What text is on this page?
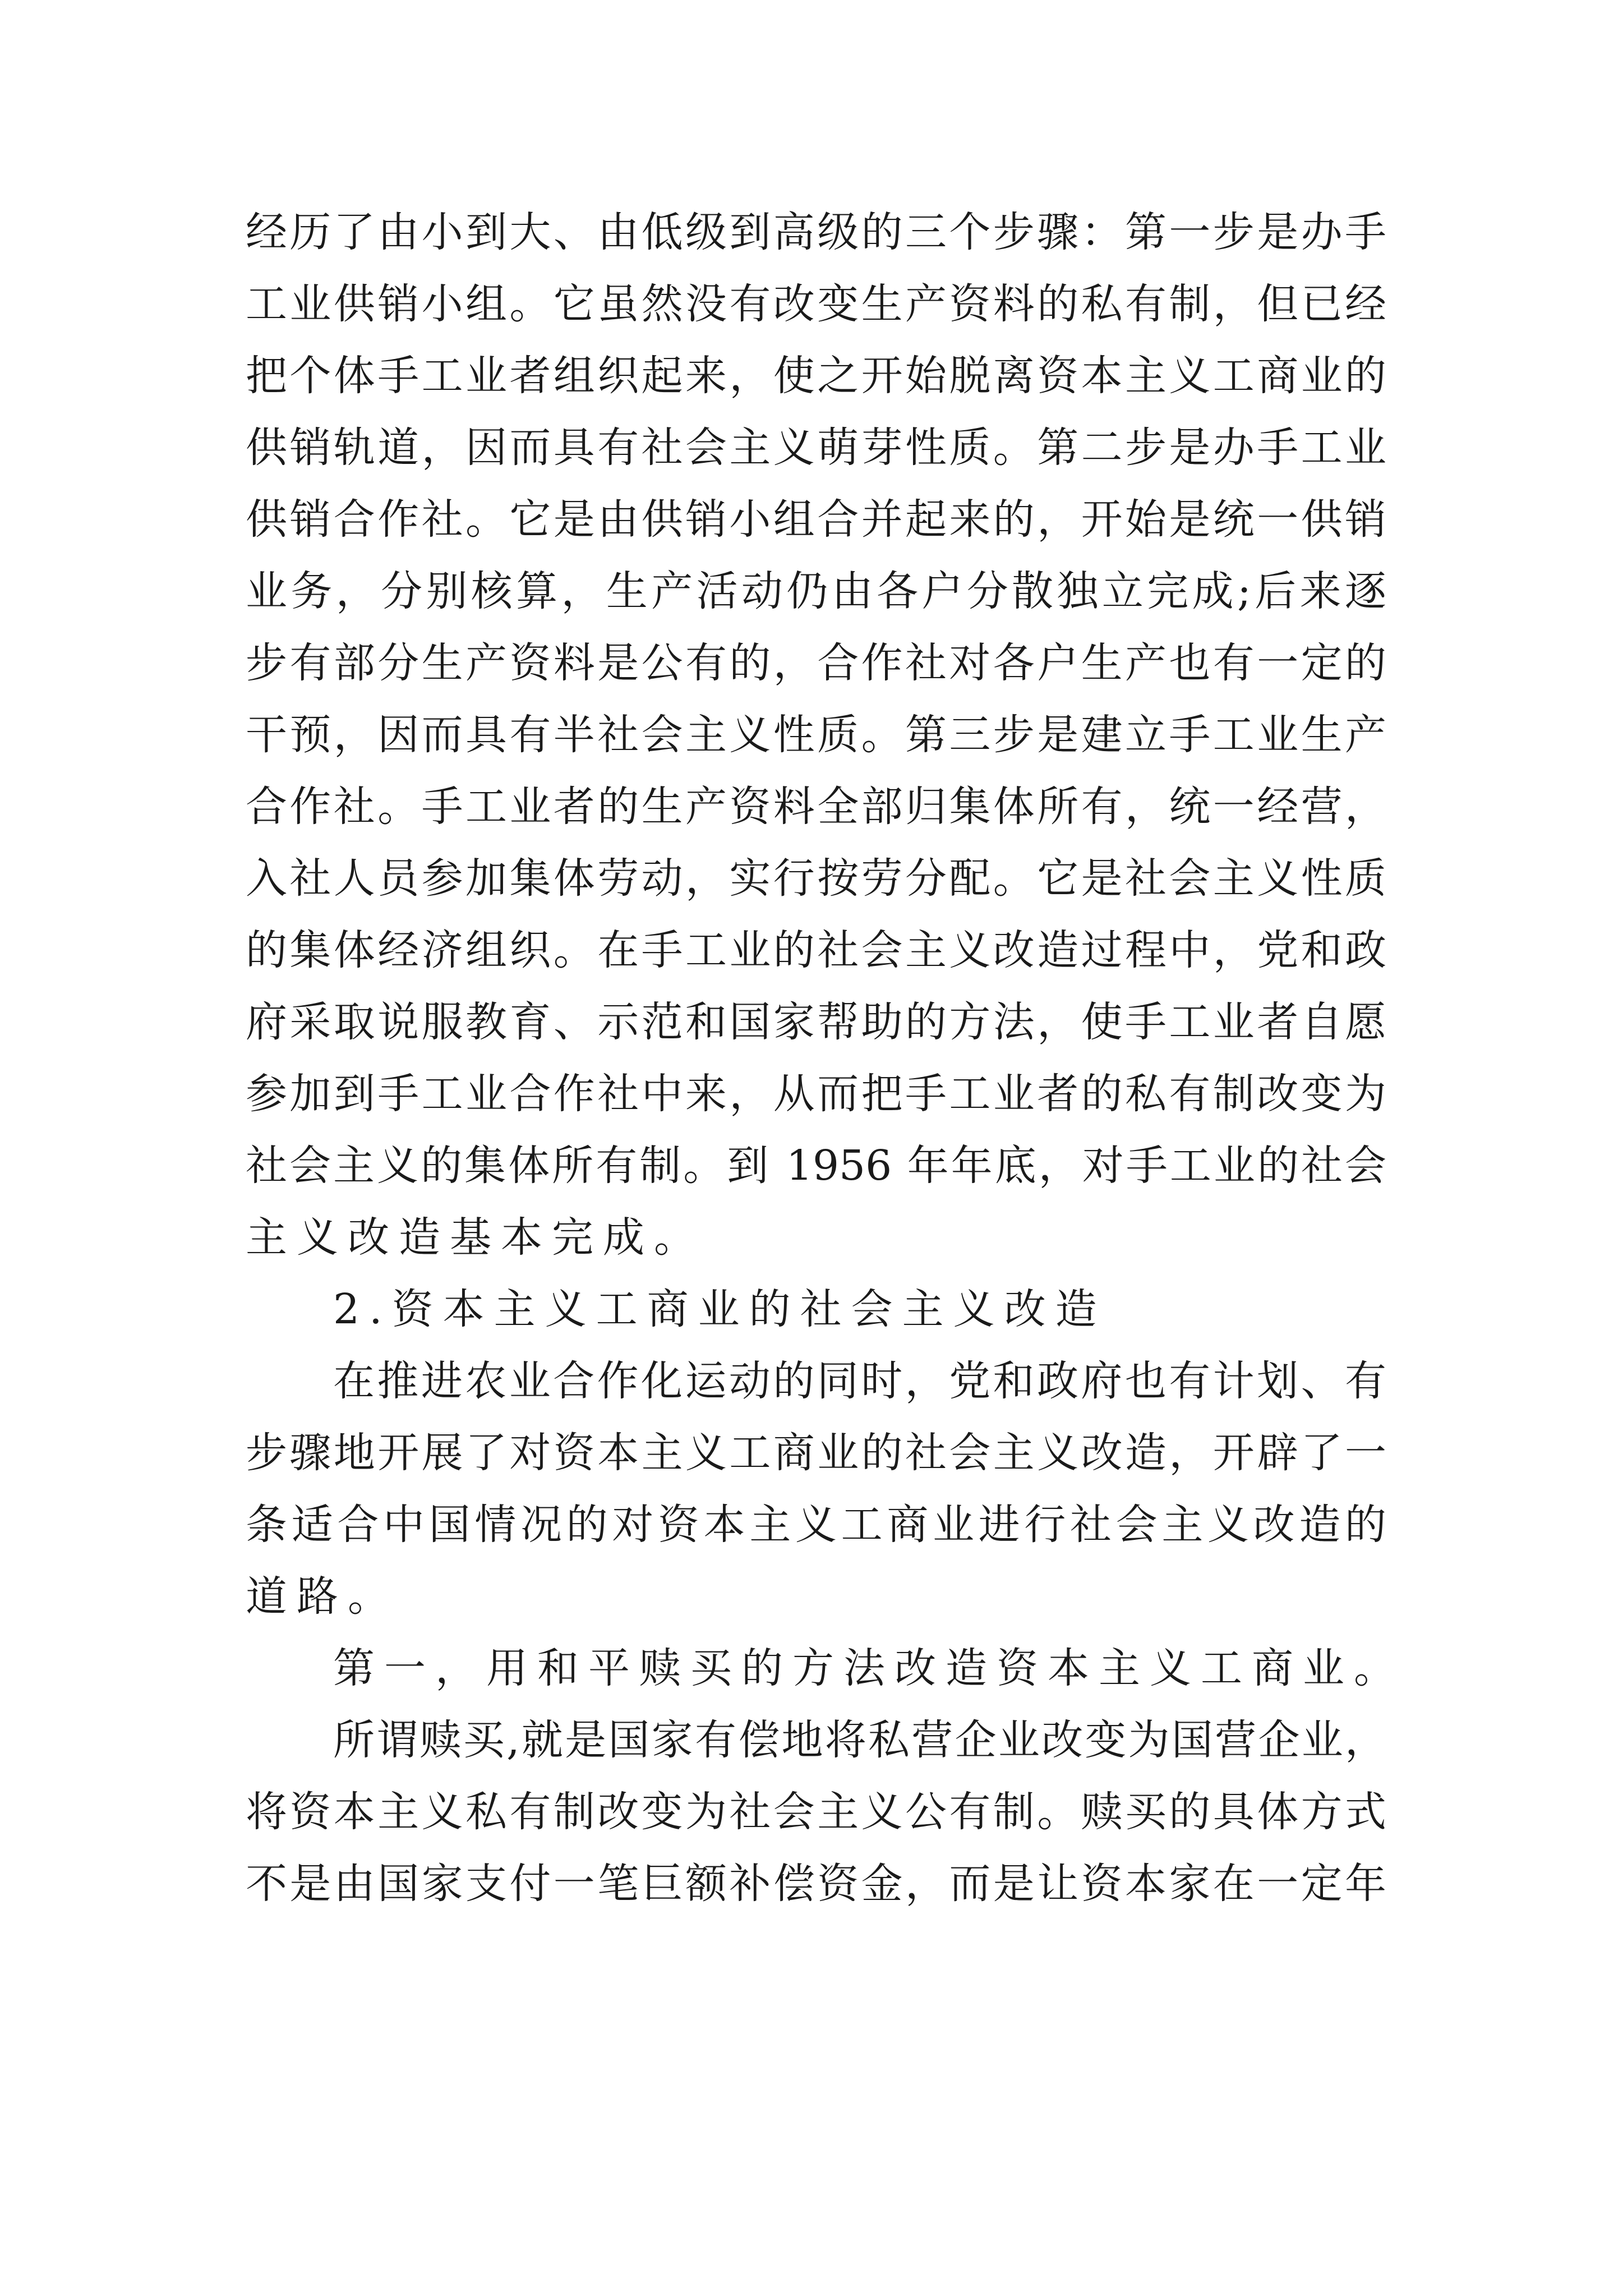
经历了由小到大、由低级到高级的三个步骤：第一步是办手

工业供销小组。它虽然没有改变生产资料的私有制，但已经

把个体手工业者组织起来，使之开始脱离资本主义工商业的

供销轨道，因而具有社会主义萌芽性质。第二步是办手工业

供销合作社。它是由供销小组合并起来的，开始是统一供销

业务，分别核算，生产活动仍由各户分散独立完成;后来逐

步有部分生产资料是公有的，合作社对各户生产也有一定的

干预，因而具有半社会主义性质。第三步是建立手工业生产

合作社。手工业者的生产资料全部归集体所有，统一经营，

入社人员参加集体劳动，实行按劳分配。它是社会主义性质

的集体经济组织。在手工业的社会主义改造过程中，党和政

府采取说服教育、示范和国家帮助的方法，使手工业者自愿

参加到手工业合作社中来，从而把手工业者的私有制改变为

社会主义的集体所有制。到 1956 年年底，对手工业的社会

主义改造基本完成。

2.资本主义工商业的社会主义改造

在推进农业合作化运动的同时，党和政府也有计划、有

步骤地开展了对资本主义工商业的社会主义改造，开辟了一

条适合中国情况的对资本主义工商业进行社会主义改造的

道路。

第一，用和平赎买的方法改造资本主义工商业。

所谓赎买,就是国家有偿地将私营企业改变为国营企业，

将资本主义私有制改变为社会主义公有制。赎买的具体方式

不是由国家支付一笔巨额补偿资金，而是让资本家在一定年
